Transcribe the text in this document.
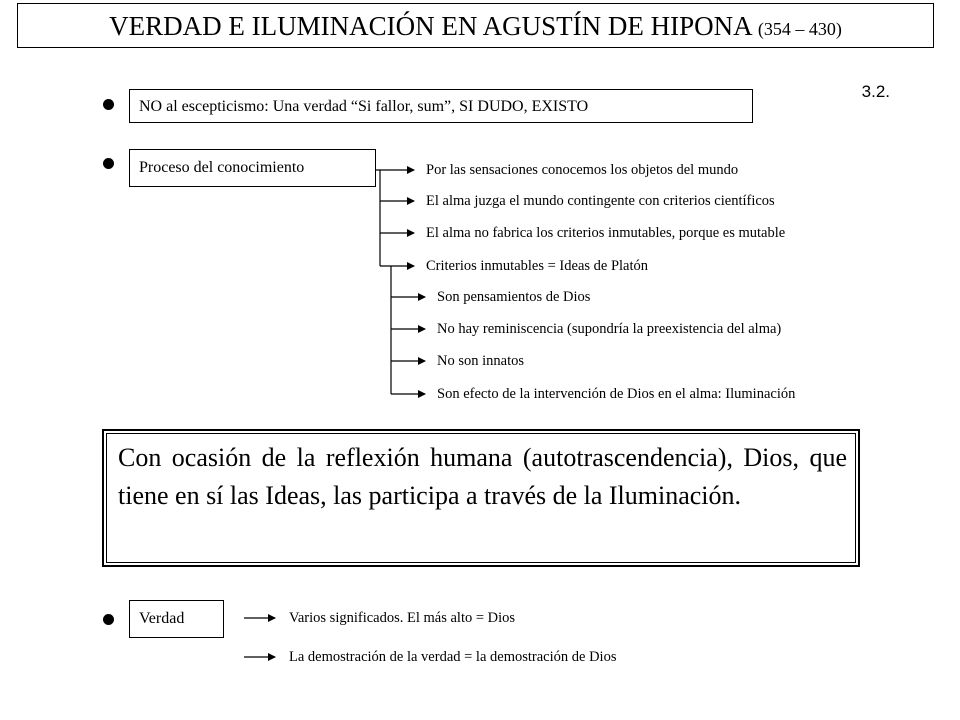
VERDAD E ILUMINACIÓN EN AGUSTÍN DE HIPONA (354 – 430)
3.2.
NO al escepticismo: Una verdad “Si fallor, sum”, SI DUDO, EXISTO
Proceso del conocimiento	Por las sensaciones conocemos los objetos del mundo
El alma juzga el mundo contingente con criterios científicos
El alma no fabrica los criterios inmutables, porque es mutable
Criterios inmutables = Ideas de Platón
Son pensamientos de Dios
No hay reminiscencia (supondría la preexistencia del alma)
No son innatos
Son efecto de la intervención de Dios en el alma: Iluminación
Con ocasión de la reflexión humana (autotrascendencia), Dios, que tiene en sí las Ideas, las participa a través de la Iluminación.
Verdad	Varios significados. El más alto = Dios
La demostración de la verdad = la demostración de Dios
